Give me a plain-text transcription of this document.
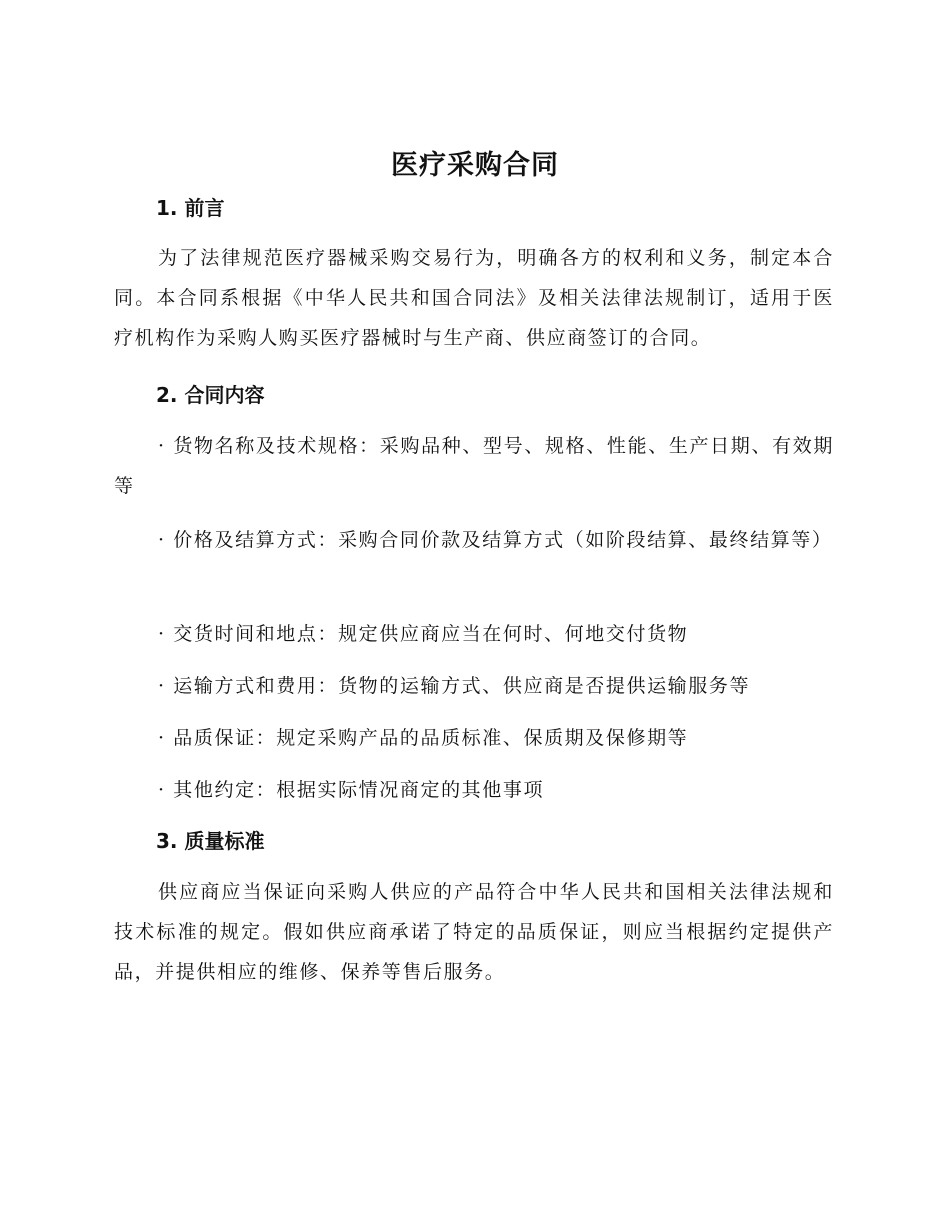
医疗采购合同
1. 前言

为了法律规范医疗器械采购交易行为，明确各方的权利和义务，制定本合同。本合同系根据《中华人民共和国合同法》及相关法律法规制订，适用于医疗机构作为采购人购买医疗器械时与生产商、供应商签订的合同。

2. 合同内容

· 货物名称及技术规格：采购品种、型号、规格、性能、生产日期、有效期等

· 价格及结算方式：采购合同价款及结算方式（如阶段结算、最终结算等）

· 交货时间和地点：规定供应商应当在何时、何地交付货物

· 运输方式和费用：货物的运输方式、供应商是否提供运输服务等

· 品质保证：规定采购产品的品质标准、保质期及保修期等

· 其他约定：根据实际情况商定的其他事项

3. 质量标准

供应商应当保证向采购人供应的产品符合中华人民共和国相关法律法规和技术标准的规定。假如供应商承诺了特定的品质保证，则应当根据约定提供产品，并提供相应的维修、保养等售后服务。
